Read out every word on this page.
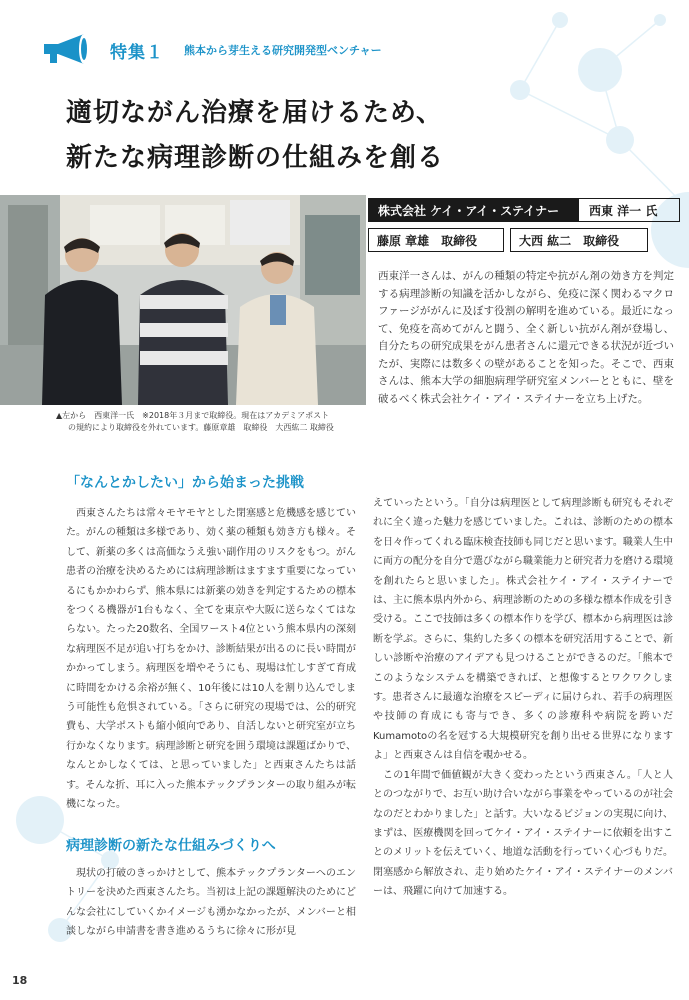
特集１ 熊本から芽生える研究開発型ベンチャー
適切ながん治療を届けるため、
新たな病理診断の仕組みを創る
▲左から　西東洋一氏　※2018年３月まで取締役。現在はアカデミアポスト
の規約により取締役を外れています。藤原章雄　取締役　大西紘二 取締役
株式会社 ケイ・アイ・ステイナー	西東 洋一 氏
藤原 章雄　取締役	大西 紘二　取締役

西東洋一さんは、がんの種類の特定や抗がん剤の効き方を判定する病理診断の知識を活かしながら、免疫に深く関わるマクロファージががんに及ぼす役割の解明を進めている。最近になって、免疫を高めてがんと闘う、全く新しい抗がん剤が登場し、自分たちの研究成果をがん患者さんに還元できる状況が近づいたが、実際には数多くの壁があることを知った。そこで、西東さんは、熊本大学の細胞病理学研究室メンバーとともに、壁を破るべく株式会社ケイ・アイ・ステイナーを立ち上げた。

「なんとかしたい」から始まった挑戦

西東さんたちは常々モヤモヤとした閉塞感と危機感を感じていた。がんの種類は多様であり、効く薬の種類も効き方も様々。そして、新薬の多くは高価なうえ強い副作用のリスクをもつ。がん患者の治療を決めるためには病理診断はますます重要になっているにもかかわらず、熊本県には新薬の効きを判定するための標本をつくる機器が1台もなく、全てを東京や大阪に送らなくてはならない。たった20数名、全国ワースト4位という熊本県内の深刻な病理医不足が追い打ちをかけ、診断結果が出るのに長い時間がかかってしまう。病理医を増やそうにも、現場は忙しすぎて育成に時間をかける余裕が無く、10年後には10人を割り込んでしまう可能性も危惧されている。「さらに研究の現場では、公的研究費も、大学ポストも縮小傾向であり、自活しないと研究室が立ち行かなくなります。病理診断と研究を囲う環境は課題ばかりで、なんとかしなくては、と思っていました」と西東さんたちは話す。そんな折、耳に入った熊本テックプランターの取り組みが転機になった。

病理診断の新たな仕組みづくりへ

現状の打破のきっかけとして、熊本テックプランターへのエントリーを決めた西東さんたち。当初は上記の課題解決のためにどんな会社にしていくかイメージも湧かなかったが、メンバーと相談しながら申請書を書き進めるうちに徐々に形が見

えていったという。「自分は病理医として病理診断も研究もそれぞれに全く違った魅力を感じていました。これは、診断のための標本を日々作ってくれる臨床検査技師も同じだと思います。職業人生中に両方の配分を自分で選びながら職業能力と研究者力を磨ける環境を創れたらと思いました」。株式会社ケイ・アイ・ステイナーでは、主に熊本県内外から、病理診断のための多様な標本作成を引き受ける。ここで技師は多くの標本作りを学び、標本から病理医は診断を学ぶ。さらに、集約した多くの標本を研究活用することで、新しい診断や治療のアイデアも見つけることができるのだ。「熊本でこのようなシステムを構築できれば、と想像するとワクワクします。患者さんに最適な治療をスピーディに届けられ、若手の病理医や技師の育成にも寄与でき、多くの診療科や病院を跨いだKumamotoの名を冠する大規模研究を創り出せる世界になりますよ」と西東さんは自信を覗かせる。

この1年間で価値観が大きく変わったという西東さん。「人と人とのつながりで、お互い助け合いながら事業をやっているのが社会なのだとわかりました」と話す。大いなるビジョンの実現に向け、まずは、医療機関を回ってケイ・アイ・ステイナーに依頼を出すことのメリットを伝えていく、地道な活動を行っていく心づもりだ。閉塞感から解放され、走り始めたケイ・アイ・ステイナーのメンバーは、飛躍に向けて加速する。

18
